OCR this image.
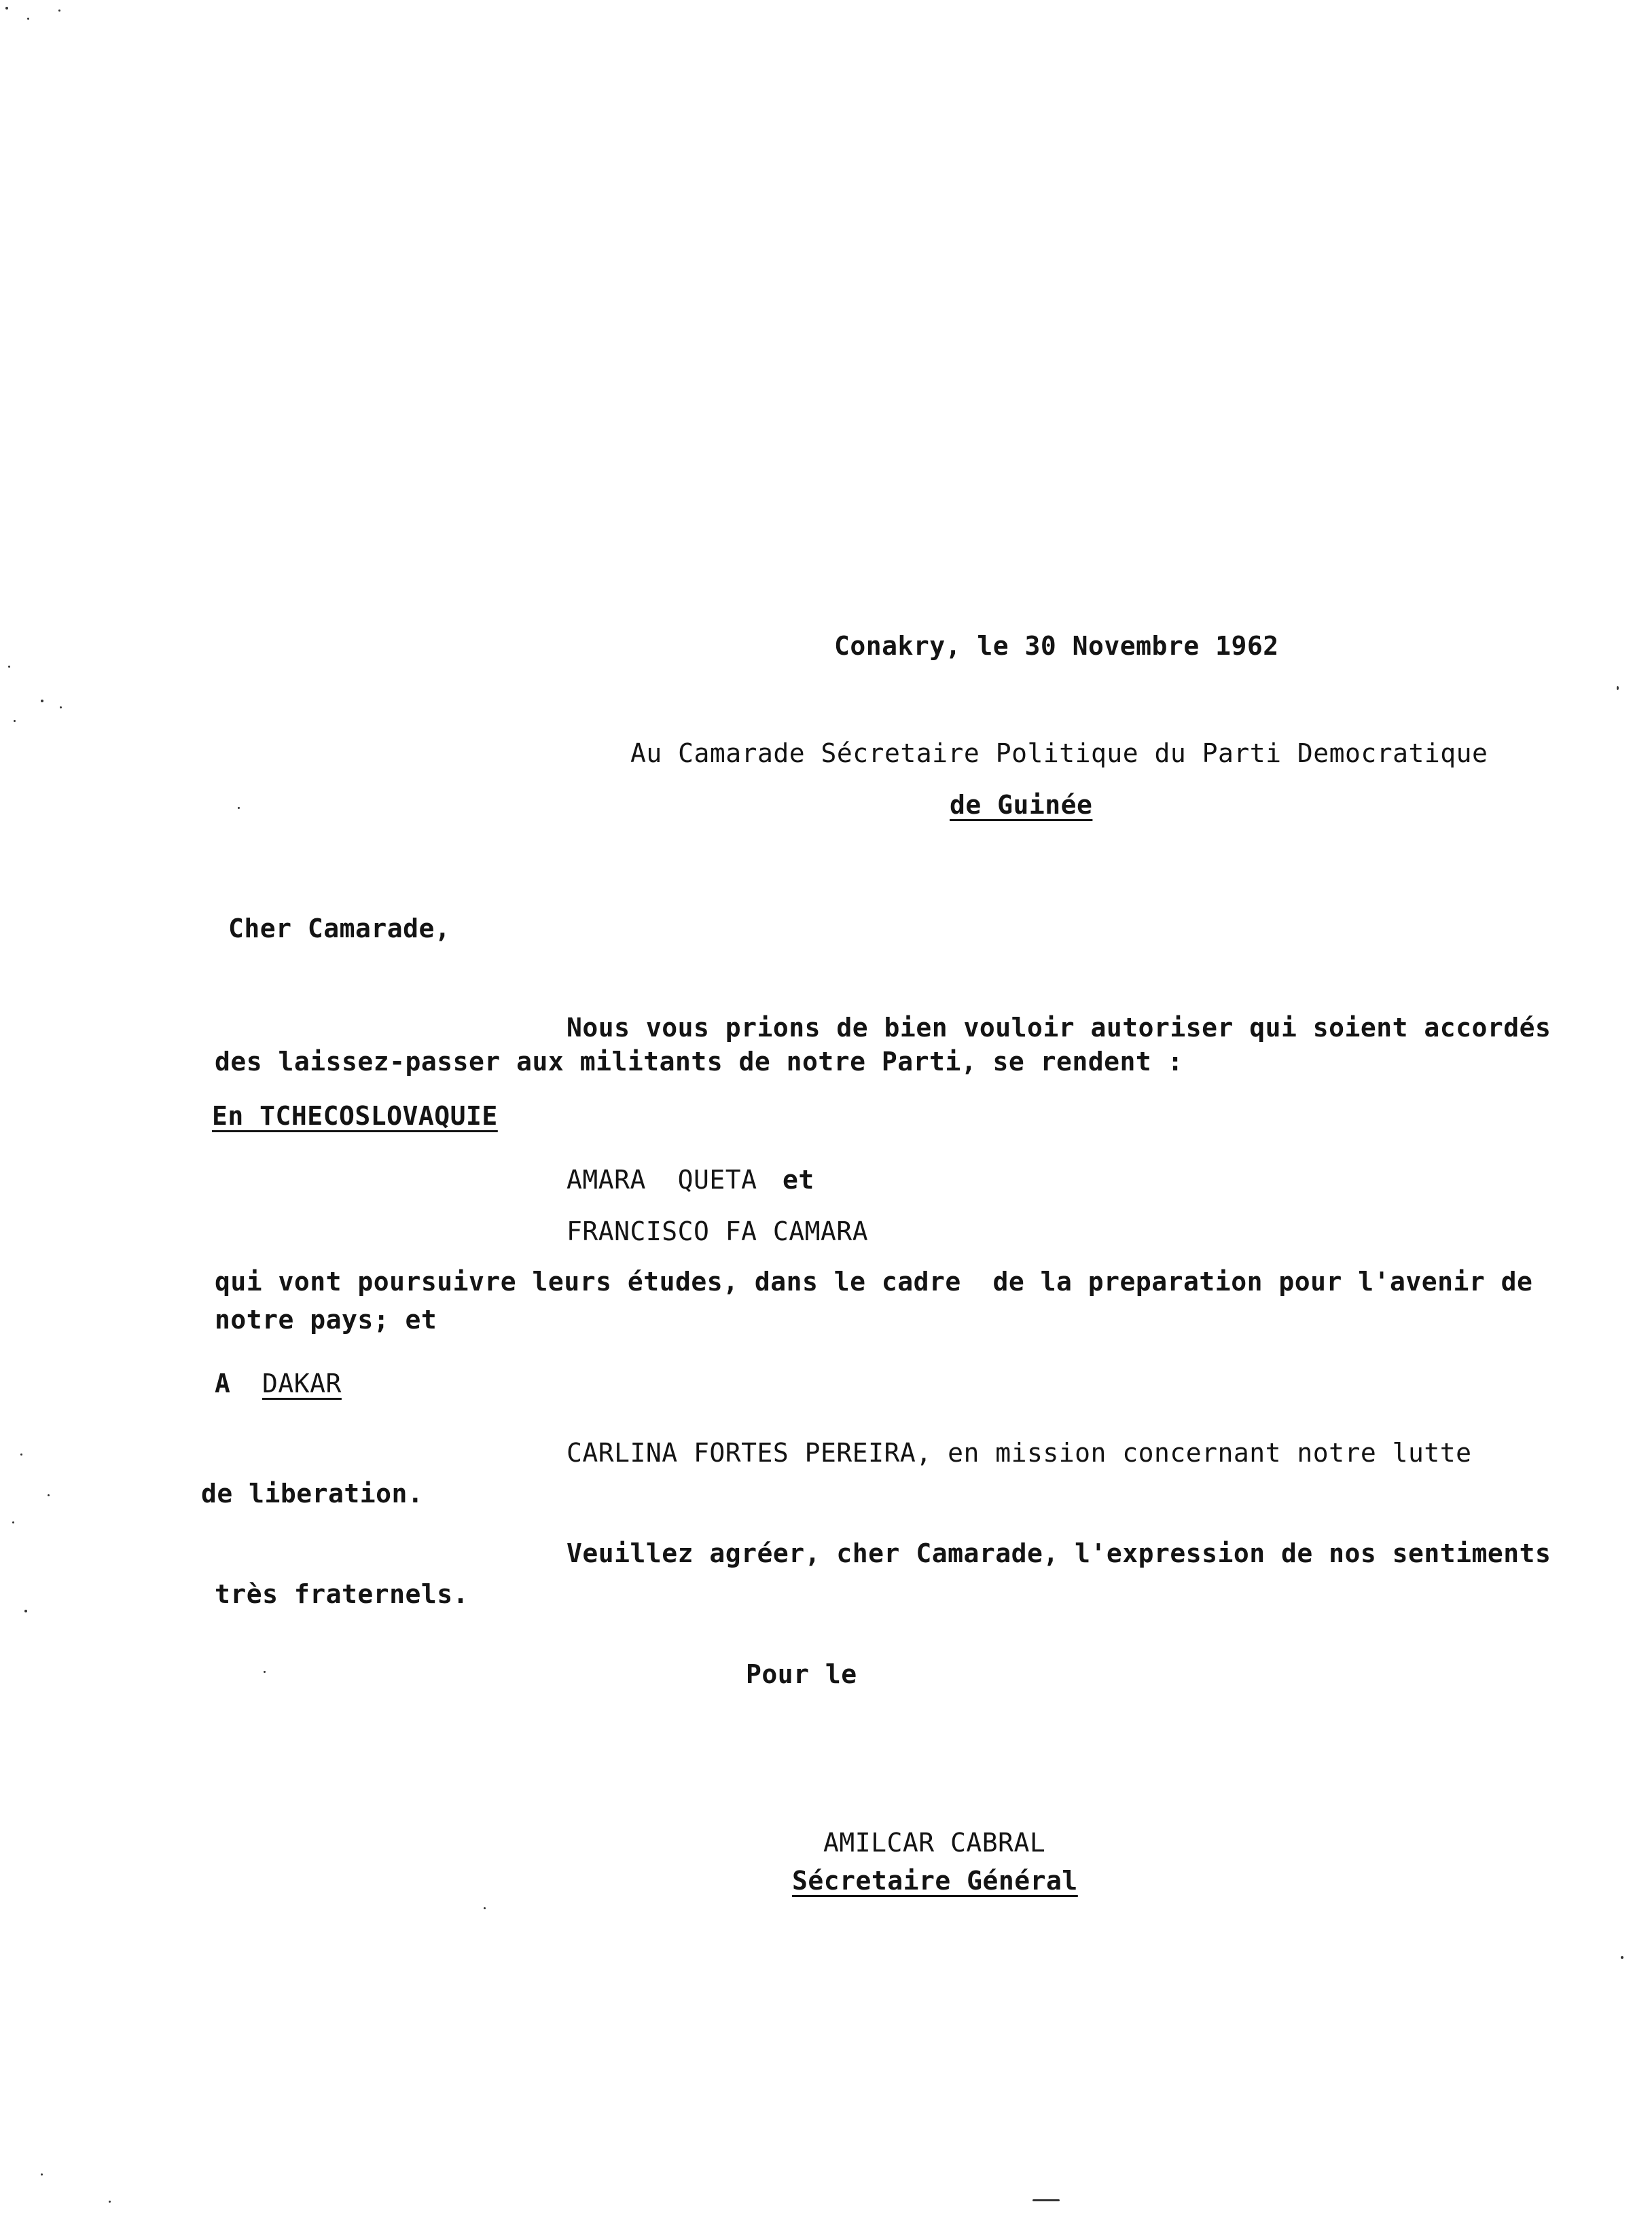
Conakry, le 30 Novembre 1962
Au Camarade Sécretaire Politique du Parti Democratique
de Guinée
Cher Camarade,
Nous vous prions de bien vouloir autoriser qui soient accordés
des laissez-passer aux militants de notre Parti, se rendent :
En TCHECOSLOVAQUIE
AMARA  QUETA et
FRANCISCO FA CAMARA
qui vont poursuivre leurs études, dans le cadre  de la preparation pour l'avenir de
notre pays; et
A DAKAR
CARLINA FORTES PEREIRA, en mission concernant notre lutte
de liberation.
Veuillez agréer, cher Camarade, l'expression de nos sentiments
très fraternels.
Pour le
AMILCAR CABRAL
Sécretaire Général
